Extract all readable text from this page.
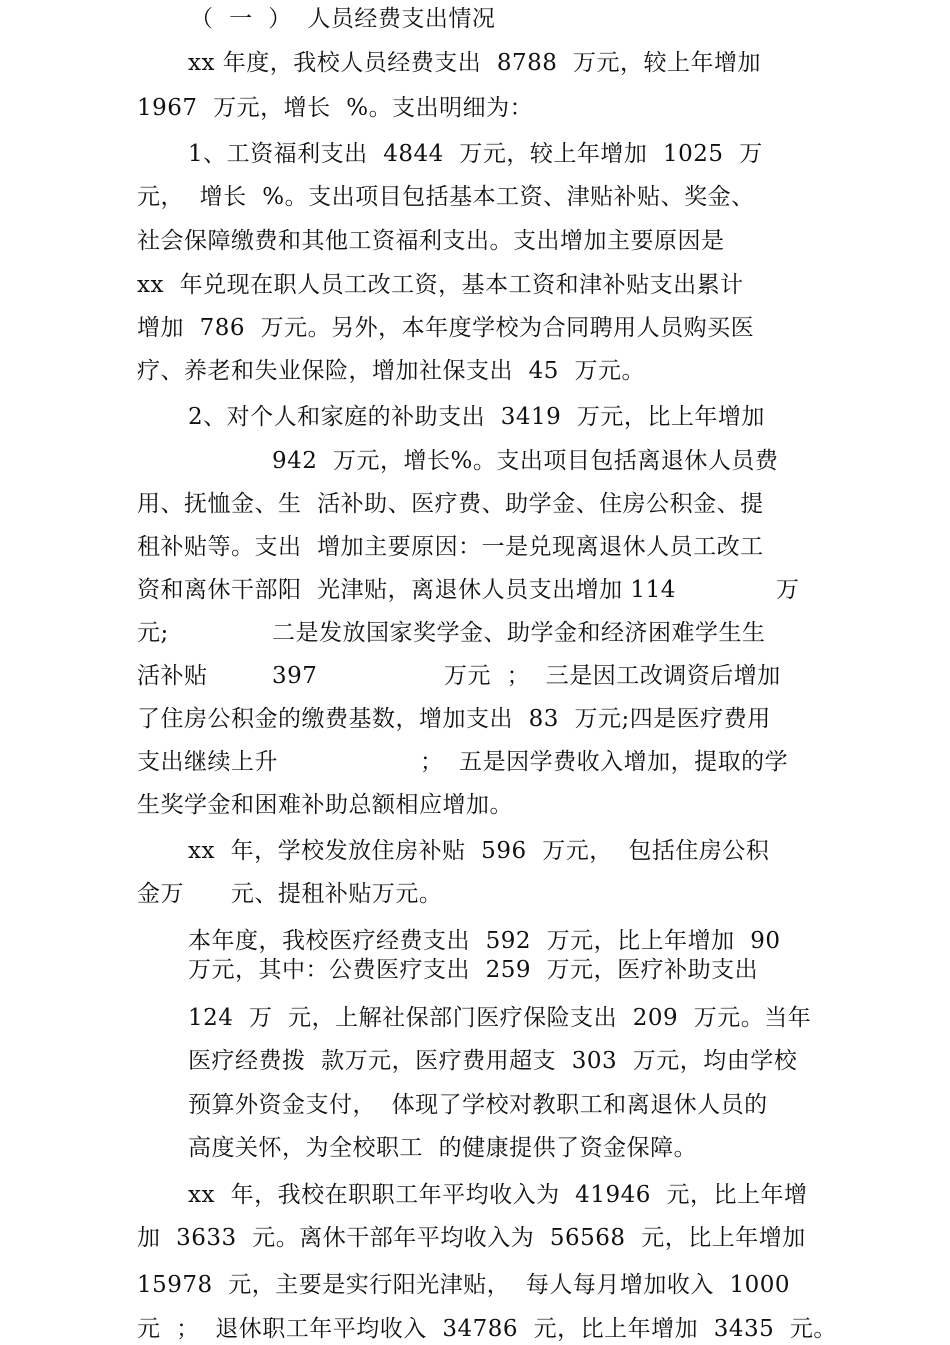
（  一  ）  人员经费支出情况
xx 年度，我校人员经费支出  8788  万元，较上年增加
1967  万元，增长  %。支出明细为：
1、工资福利支出  4844  万元，较上年增加  1025  万
元，  增长  %。支出项目包括基本工资、津贴补贴、奖金、
社会保障缴费和其他工资福利支出。支出增加主要原因是
xx  年兑现在职人员工改工资，基本工资和津补贴支出累计
增加  786  万元。另外，本年度学校为合同聘用人员购买医
疗、养老和失业保险，增加社保支出  45  万元。
2、对个人和家庭的补助支出  3419  万元，比上年增加
942  万元，增长%。支出项目包括离退休人员费
用、抚恤金、生  活补助、医疗费、助学金、住房公积金、提
租补贴等。支出  增加主要原因：一是兑现离退休人员工改工
资和离休干部阳  光津贴，离退休人员支出增加 114	万
元;	二是发放国家奖学金、助学金和经济困难学生生
活补贴	397	万元  ；  三是因工改调资后增加
了住房公积金的缴费基数，增加支出  83  万元;四是医疗费用
支出继续上升	；  五是因学费收入增加，提取的学
生奖学金和困难补助总额相应增加。
xx  年，学校发放住房补贴  596  万元，  包括住房公积
金万      元、提租补贴万元。
本年度，我校医疗经费支出  592  万元，比上年增加  90
万元，其中：公费医疗支出  259  万元，医疗补助支出
124  万  元，上解社保部门医疗保险支出  209  万元。当年
医疗经费拨  款万元，医疗费用超支  303  万元，均由学校
预算外资金支付，  体现了学校对教职工和离退休人员的
高度关怀，为全校职工  的健康提供了资金保障。
xx  年，我校在职职工年平均收入为  41946  元，比上年增
加  3633  元。离休干部年平均收入为  56568  元，比上年增加
15978  元，主要是实行阳光津贴，  每人每月增加收入  1000
元  ；  退休职工年平均收入  34786  元，比上年增加  3435  元。
